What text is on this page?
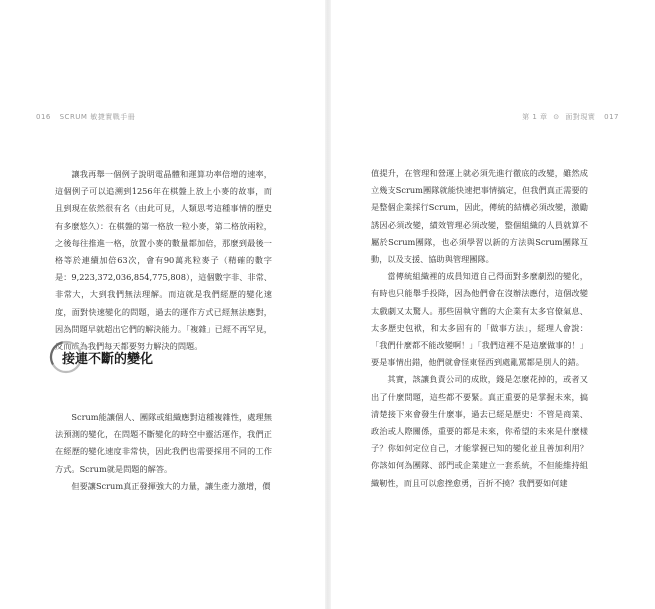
016 SCRUM 敏捷實戰手冊

讓我再舉一個例子說明電晶體和運算功率倍增的速率，這個例子可以追溯到1256年在棋盤上放上小麥的故事，而且到現在依然很有名（由此可見，人類思考這種事情的歷史有多麼悠久）：在棋盤的第一格放一粒小麥，第二格放兩粒，之後每往推進一格，放置小麥的數量都加倍，那麼到最後一格等於連續加倍63次，會有90萬兆粒麥子（精確的數字是：9,223,372,036,854,775,808），這個數字非、非常、非常大，大到我們無法理解。而這就是我們經歷的變化速度，面對快速變化的問題，過去的運作方式已經無法應對，因為問題早就超出它們的解決能力。「複雜」已經不再罕見，反而成為我們每天都要努力解決的問題。

接連不斷的變化

Scrum能讓個人、團隊或組織應對這種複雜性，處理無法預測的變化，在問題不斷變化的時空中靈活運作，我們正在經歷的變化速度非常快，因此我們也需要採用不同的工作方式。Scrum就是問題的解答。

但要讓Scrum真正發揮強大的力量，讓生產力激增，價

第 1 章 ⊙ 面對現實 017

值提升，在管理和營運上就必須先進行徹底的改變，雖然成立幾支Scrum團隊就能快速把事情搞定，但我們真正需要的是整個企業採行Scrum，因此，傳統的結構必須改變，激勵誘因必須改變，績效管理必須改變，整個組織的人員就算不屬於Scrum團隊，也必須學習以新的方法與Scrum團隊互動，以及支援、協助與管理團隊。

當傳統組織裡的成員知道自己得面對多麼劇烈的變化，有時也只能舉手投降，因為他們會在沒辦法應付，這個改變太戲劇又太驚人。那些固執守舊的大企業有太多官僚氣息、太多歷史包袱，和太多固有的「做事方法」，經理人會說：「我們什麼都不能改變啊！」「我們這裡不是這麼做事的！」要是事情出錯，他們就會怪東怪西到處亂罵都是別人的錯。

其實，該讓負責公司的成敗，錢是怎麼花掉的，或者又出了什麼問題，這些都不要緊。真正重要的是掌握未來，搞清楚接下來會發生什麼事，過去已經是歷史：不管是商業、政治或人際關係，重要的都是未來，你希望的未來是什麼樣子？你如何定位自己，才能掌握已知的變化並且善加利用？你該如何為團隊、部門或企業建立一套系統，不但能維持組織靭性，而且可以愈挫愈勇，百折不撓？我們要如何建
